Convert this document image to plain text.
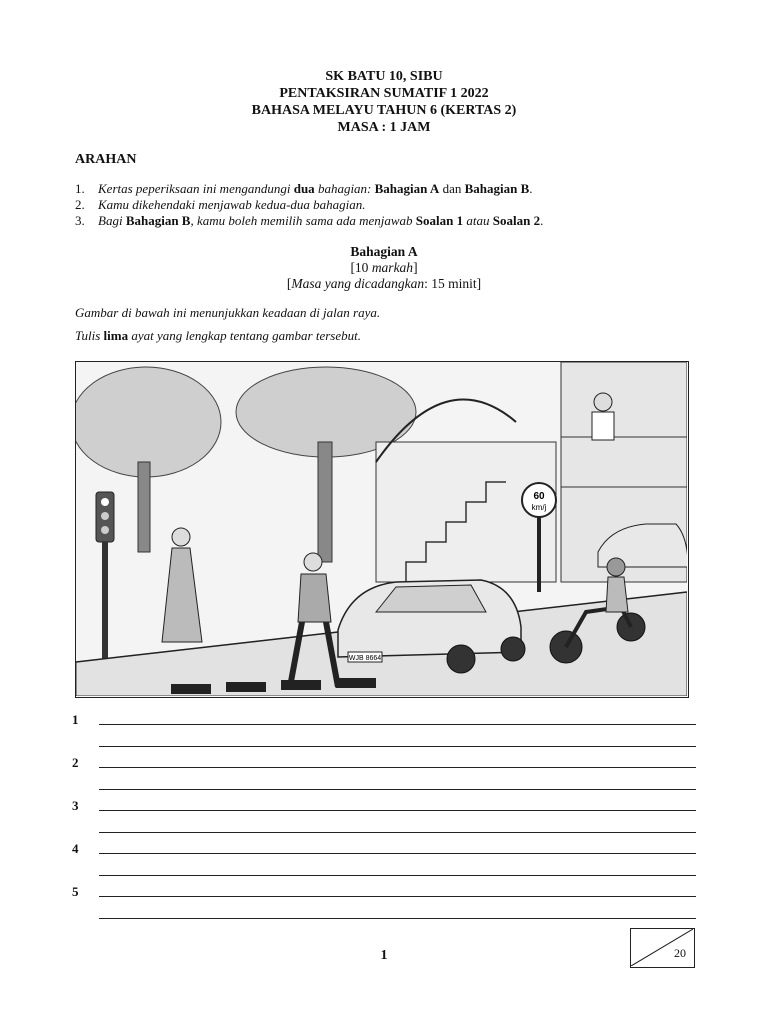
SK BATU 10, SIBU
PENTAKSIRAN SUMATIF 1 2022
BAHASA MELAYU TAHUN 6 (KERTAS 2)
MASA : 1 JAM
ARAHAN
1. Kertas peperiksaan ini mengandungi dua bahagian: Bahagian A dan Bahagian B.
2. Kamu dikehendaki menjawab kedua-dua bahagian.
3. Bagi Bahagian B, kamu boleh memilih sama ada menjawab Soalan 1 atau Soalan 2.
Bahagian A
[10 markah]
[Masa yang dicadangkan: 15 minit]
Gambar di bawah ini menunjukkan keadaan di jalan raya.
Tulis lima ayat yang lengkap tentang gambar tersebut.
60
km/j
WJB 8664
1
2
3
4
5
1	20
